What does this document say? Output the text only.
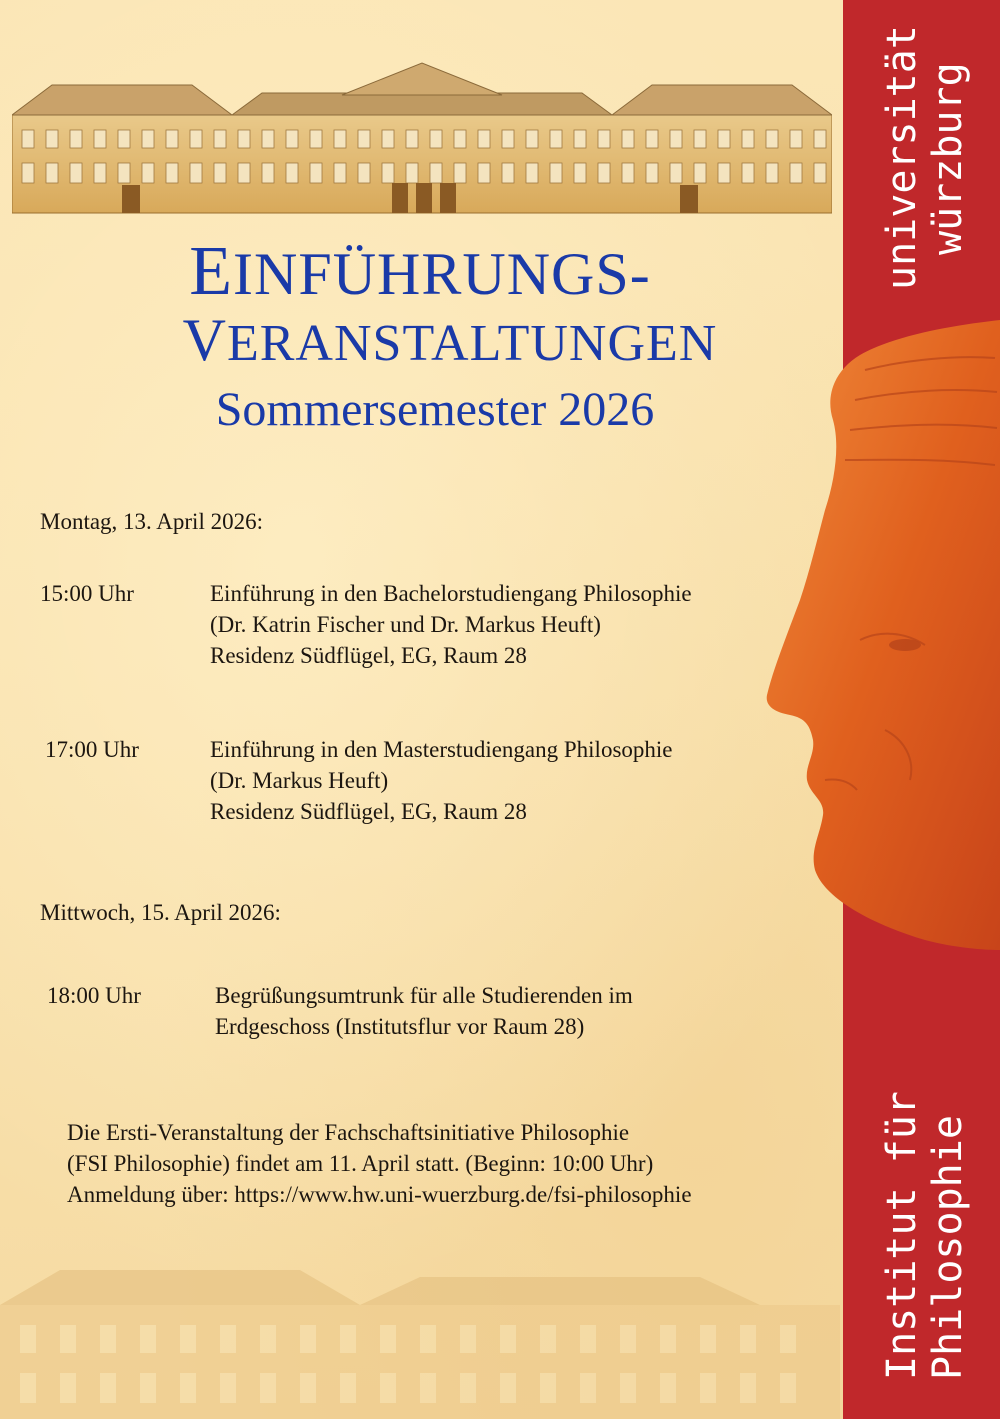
EINFÜHRUNGS-
VERANSTALTUNGEN
Sommersemester 2026
Montag, 13. April 2026:
15:00 Uhr	Einführung in den Bachelorstudiengang Philosophie
(Dr. Katrin Fischer und Dr. Markus Heuft)
Residenz Südflügel, EG, Raum 28
17:00 Uhr	Einführung in den Masterstudiengang Philosophie
(Dr. Markus Heuft)
Residenz Südflügel, EG, Raum 28
Mittwoch, 15. April 2026:
18:00 Uhr	Begrüßungsumtrunk für alle Studierenden im
Erdgeschoss (Institutsflur vor Raum 28)
Die Ersti-Veranstaltung der Fachschaftsinitiative Philosophie
(FSI Philosophie) findet am 11. April statt. (Beginn: 10:00 Uhr)
Anmeldung über: https://www.hw.uni-wuerzburg.de/fsi-philosophie
universität würzburg
Institut für Philosophie
